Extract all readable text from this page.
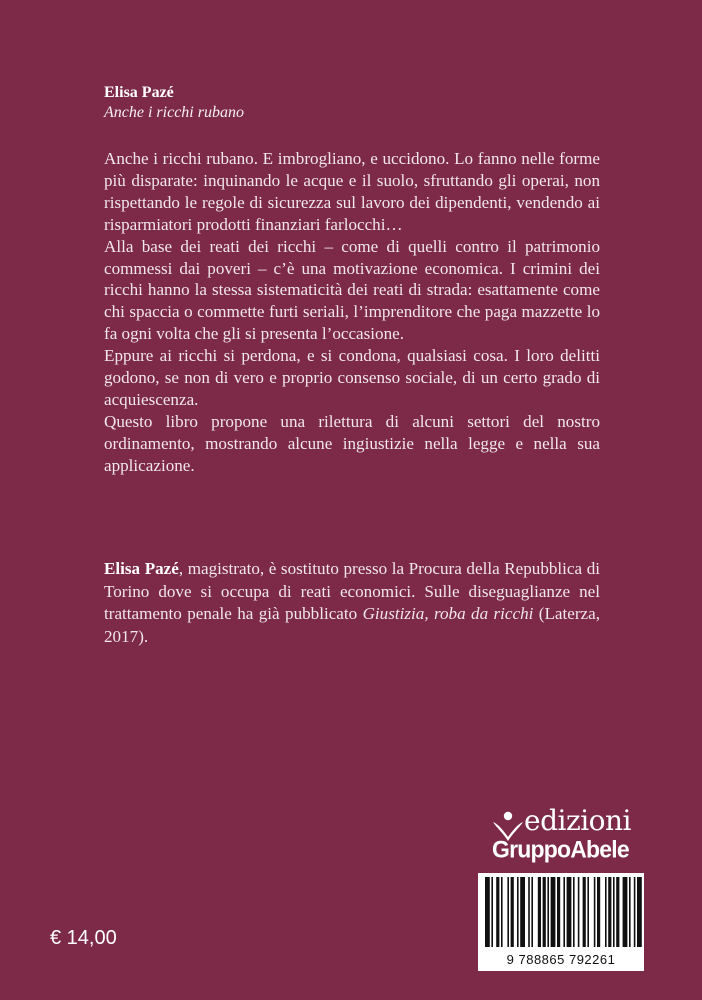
Elisa Pazé
Anche i ricchi rubano

Anche i ricchi rubano. E imbrogliano, e uccidono. Lo fanno nelle forme più disparate: inquinando le acque e il suolo, sfruttando gli operai, non rispettando le regole di sicurezza sul lavoro dei dipendenti, vendendo ai risparmiatori prodotti finanziari farlocchi…

Alla base dei reati dei ricchi – come di quelli contro il patrimonio commessi dai poveri – c’è una motivazione economica. I crimini dei ricchi hanno la stessa sistematicità dei reati di strada: esattamente come chi spaccia o commette furti seriali, l’imprenditore che paga mazzette lo fa ogni volta che gli si presenta l’occasione.

Eppure ai ricchi si perdona, e si condona, qualsiasi cosa. I loro delitti godono, se non di vero e proprio consenso sociale, di un certo grado di acquiescenza.

Questo libro propone una rilettura di alcuni settori del nostro ordinamento, mostrando alcune ingiustizie nella legge e nella sua applicazione.

Elisa Pazé, magistrato, è sostituto presso la Procura della Repubblica di Torino dove si occupa di reati economici. Sulle diseguaglianze nel trattamento penale ha già pubblicato Giustizia, roba da ricchi (Laterza, 2017).

edizioni
GruppoAbele
9 788865 792261
€ 14,00
